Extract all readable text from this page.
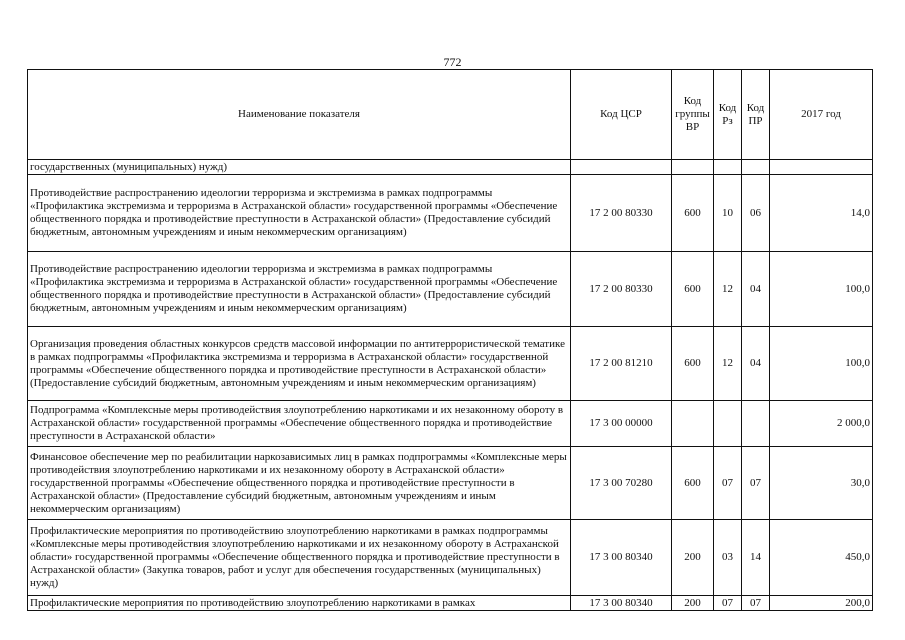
772
Наименование показателя	Код ЦСР	Код группы ВР	Код Рз	Код ПР	2017 год
государственных (муниципальных) нужд)					
Противодействие распространению идеологии терроризма и экстремизма в рамках подпрограммы «Профилактика экстремизма и терроризма в Астраханской области» государственной программы «Обеспечение общественного порядка и противодействие преступности в Астраханской области» (Предоставление субсидий бюджетным, автономным учреждениям и иным некоммерческим организациям)	17 2 00 80330	600	10	06	14,0
Противодействие распространению идеологии терроризма и экстремизма в рамках подпрограммы «Профилактика экстремизма и терроризма в Астраханской области» государственной программы «Обеспечение общественного порядка и противодействие преступности в Астраханской области» (Предоставление субсидий бюджетным, автономным учреждениям и иным некоммерческим организациям)	17 2 00 80330	600	12	04	100,0
Организация проведения областных конкурсов средств массовой информации по антитеррористической тематике в рамках подпрограммы «Профилактика экстремизма и терроризма в Астраханской области» государственной программы «Обеспечение общественного порядка и противодействие преступности в Астраханской области» (Предоставление субсидий бюджетным, автономным учреждениям и иным некоммерческим организациям)	17 2 00 81210	600	12	04	100,0
Подпрограмма «Комплексные меры противодействия злоупотреблению наркотиками и их незаконному обороту в Астраханской области» государственной программы «Обеспечение общественного порядка и противодействие преступности в Астраханской области»	17 3 00 00000				2 000,0
Финансовое обеспечение мер по реабилитации наркозависимых лиц в рамках подпрограммы «Комплексные меры противодействия злоупотреблению наркотиками и их незаконному обороту в Астраханской области» государственной программы «Обеспечение общественного порядка и противодействие преступности в Астраханской области» (Предоставление субсидий бюджетным, автономным учреждениям и иным некоммерческим организациям)	17 3 00 70280	600	07	07	30,0
Профилактические мероприятия по противодействию злоупотреблению наркотиками в рамках подпрограммы «Комплексные меры противодействия злоупотреблению наркотиками и их незаконному обороту в Астраханской области» государственной программы «Обеспечение общественного порядка и противодействие преступности в Астраханской области» (Закупка товаров, работ и услуг для обеспечения государственных (муниципальных) нужд)	17 3 00 80340	200	03	14	450,0
Профилактические мероприятия по противодействию злоупотреблению наркотиками в рамках	17 3 00 80340	200	07	07	200,0
